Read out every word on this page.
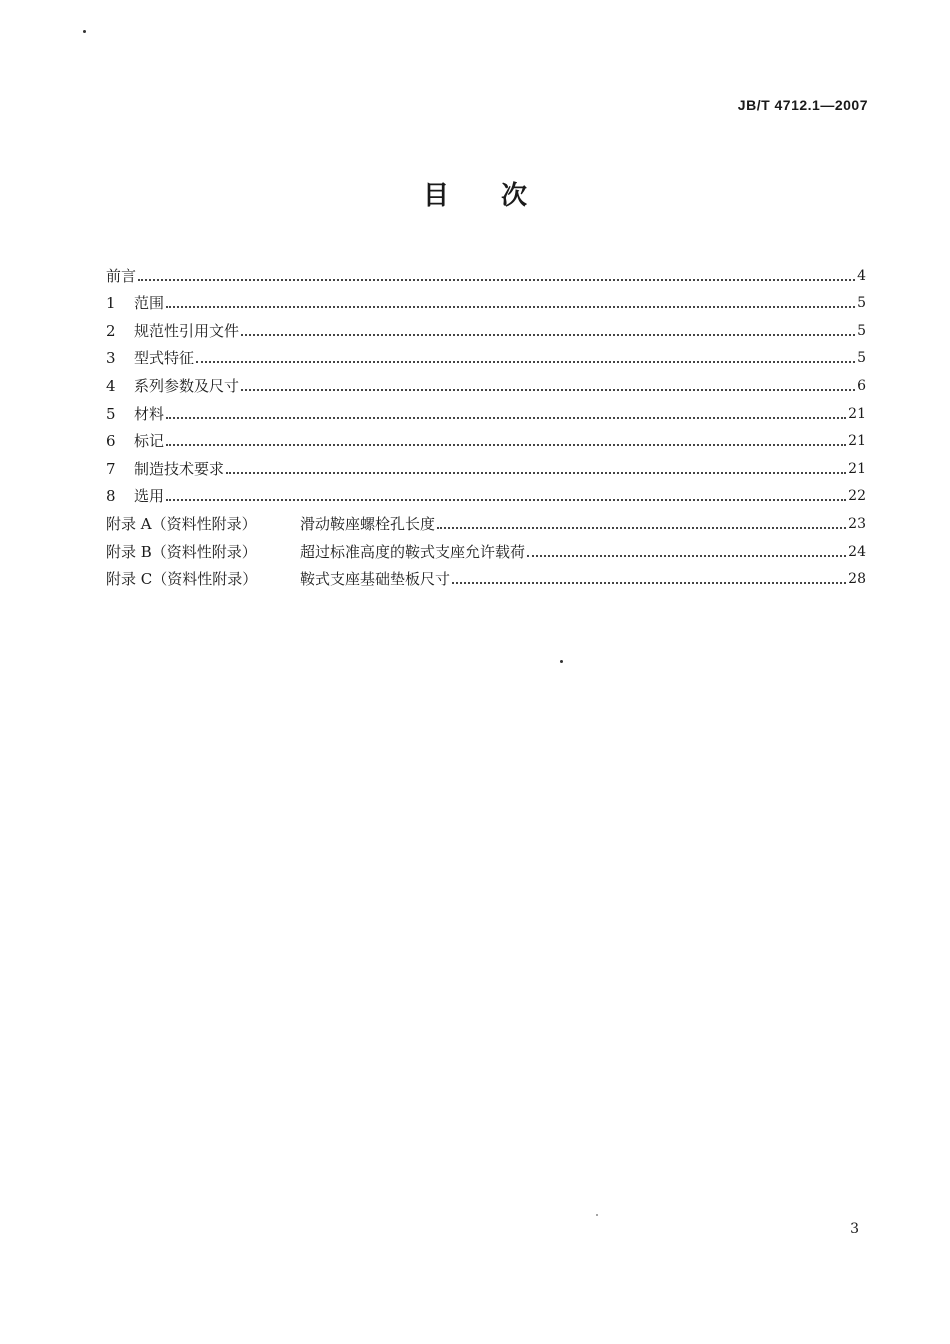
JB/T 4712.1—2007
目次
前言	4
1	范围	5
2	规范性引用文件	5
3	型式特征	5
4	系列参数及尺寸	6
5	材料	21
6	标记	21
7	制造技术要求	21
8	选用	22
附录 A（资料性附录）	滑动鞍座螺栓孔长度	23
附录 B（资料性附录）	超过标准高度的鞍式支座允许载荷	24
附录 C（资料性附录）	鞍式支座基础垫板尺寸	28
3
